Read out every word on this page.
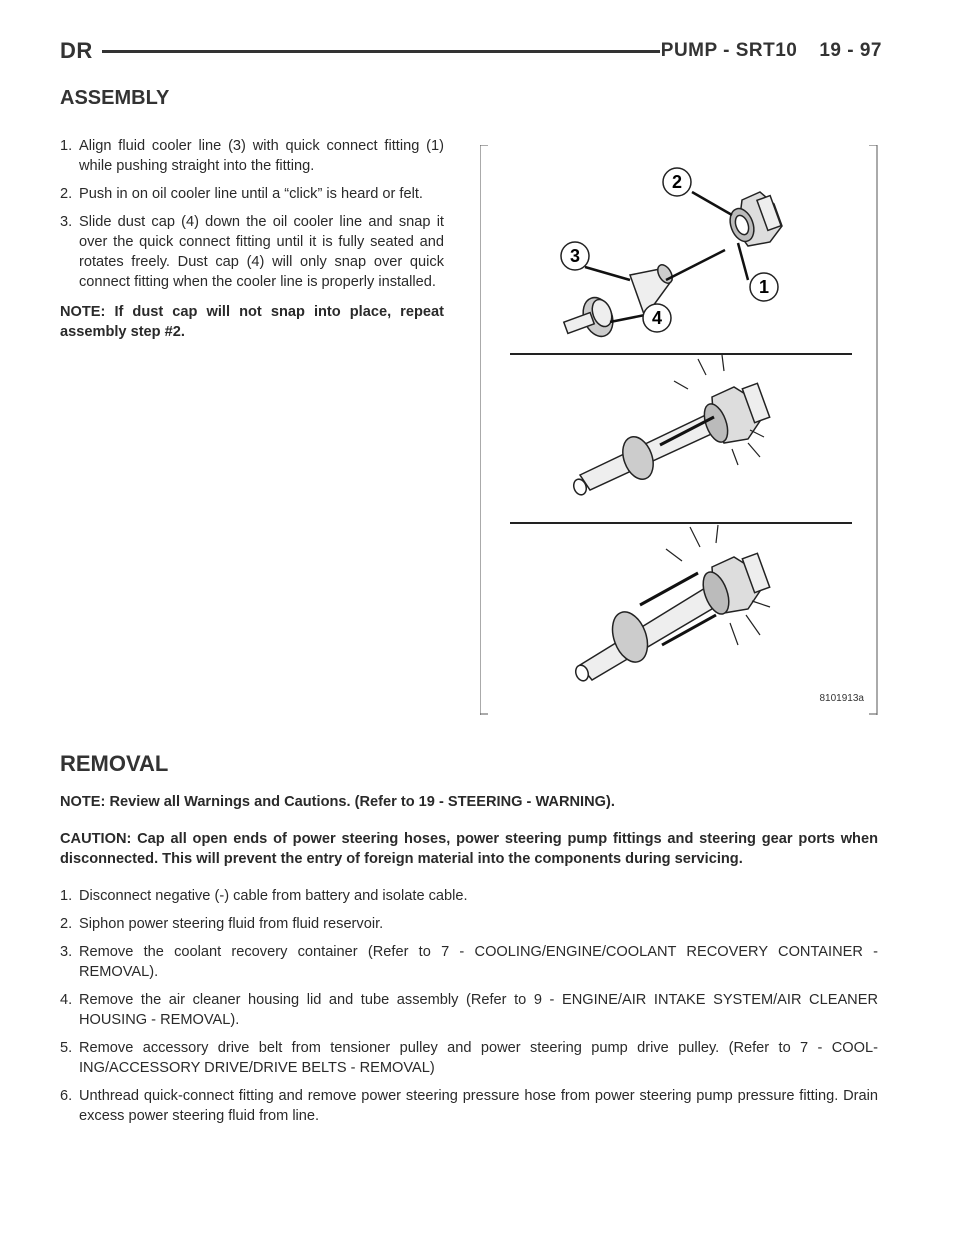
DR	PUMP - SRT10 19 - 97
ASSEMBLY
1. Align fluid cooler line (3) with quick connect fitting (1) while pushing straight into the fitting.
2. Push in on oil cooler line until a “click” is heard or felt.
3. Slide dust cap (4) down the oil cooler line and snap it over the quick connect fitting until it is fully seated and rotates freely. Dust cap (4) will only snap over quick connect fitting when the cooler line is properly installed.

NOTE: If dust cap will not snap into place, repeat assembly step #2.

2
3
1
4
8101913a
REMOVAL

NOTE: Review all Warnings and Cautions. (Refer to 19 - STEERING - WARNING).

CAUTION: Cap all open ends of power steering hoses, power steering pump fittings and steering gear ports when disconnected. This will prevent the entry of foreign material into the components during servicing.

1. Disconnect negative (-) cable from battery and isolate cable.
2. Siphon power steering fluid from fluid reservoir.
3. Remove the coolant recovery container (Refer to 7 - COOLING/ENGINE/COOLANT RECOVERY CONTAINER - REMOVAL).
4. Remove the air cleaner housing lid and tube assembly (Refer to 9 - ENGINE/AIR INTAKE SYSTEM/AIR CLEANER HOUSING - REMOVAL).
5. Remove accessory drive belt from tensioner pulley and power steering pump drive pulley. (Refer to 7 - COOL-ING/ACCESSORY DRIVE/DRIVE BELTS - REMOVAL)
6. Unthread quick-connect fitting and remove power steering pressure hose from power steering pump pressure fitting. Drain excess power steering fluid from line.
